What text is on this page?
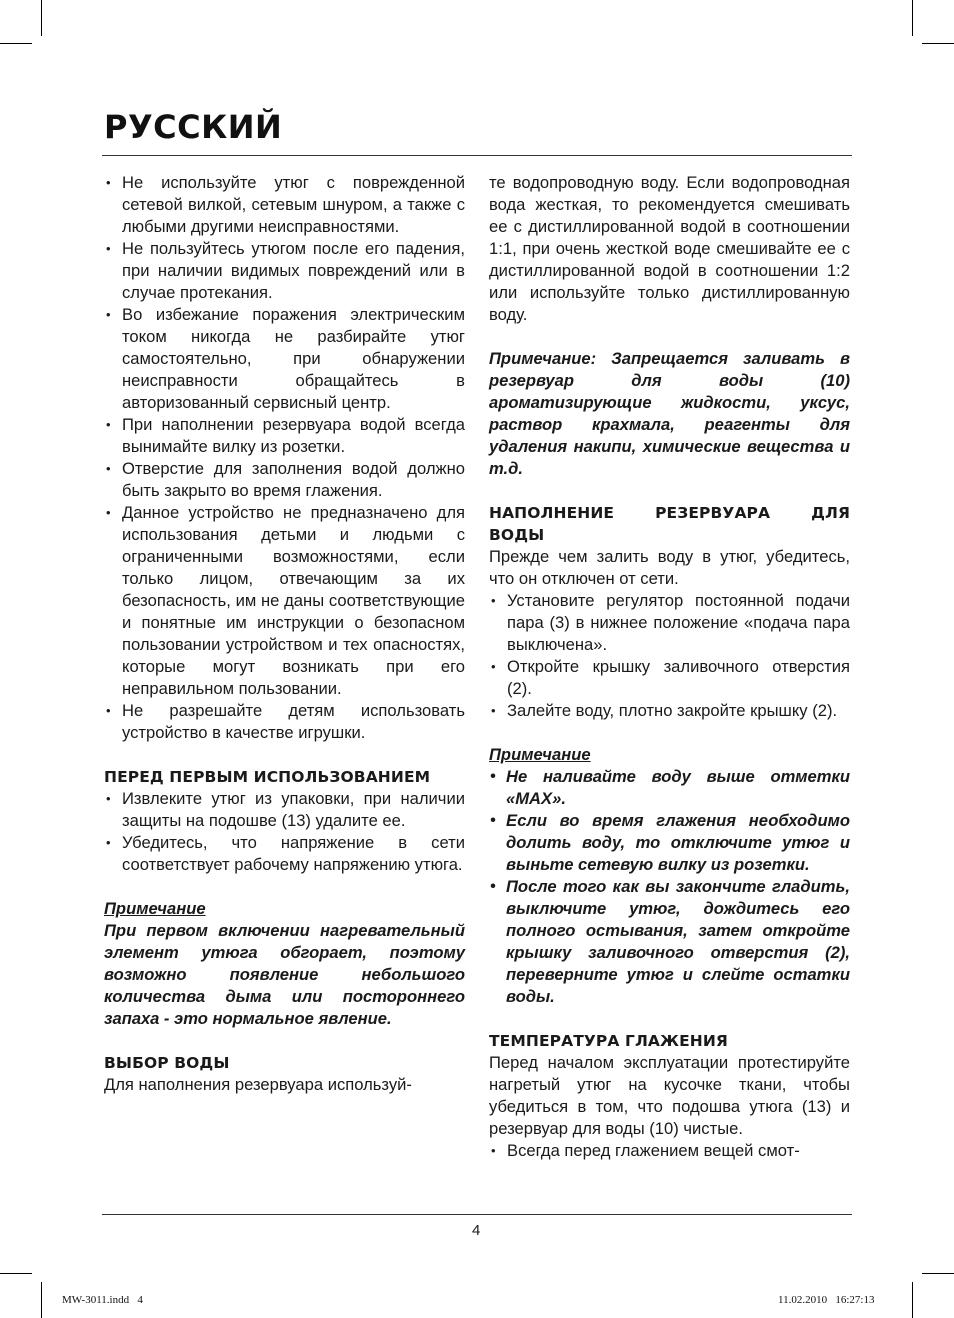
РУССКИЙ
• Не используйте утюг с поврежденной сетевой вилкой, сетевым шнуром, а также с любыми другими неисправностями.
• Не пользуйтесь утюгом после его падения, при наличии видимых повреждений или в случае протекания.
• Во избежание поражения электрическим током никогда не разбирайте утюг самостоятельно, при обнаружении неисправности обращайтесь в авторизованный сервисный центр.
• При наполнении резервуара водой всегда вынимайте вилку из розетки.
• Отверстие для заполнения водой должно быть закрыто во время глажения.
• Данное устройство не предназначено для использования детьми и людьми с ограниченными возможностями, если только лицом, отвечающим за их безопасность, им не даны соответствующие и понятные им инструкции о безопасном пользовании устройством и тех опасностях, которые могут возникать при его неправильном пользовании.
• Не разрешайте детям использовать устройство в качестве игрушки.
ПЕРЕД ПЕРВЫМ ИСПОЛЬЗОВАНИЕМ
• Извлеките утюг из упаковки, при наличии защиты на подошве (13) удалите ее.
• Убедитесь, что напряжение в сети соответствует рабочему напряжению утюга.

Примечание

При первом включении нагревательный элемент утюга обгорает, поэтому возможно появление небольшого количества дыма или постороннего запаха - это нормальное явление.

ВЫБОР ВОДЫ

Для наполнения резервуара используй-

те водопроводную воду. Если водопроводная вода жесткая, то рекомендуется смешивать ее с дистиллированной водой в соотношении 1:1, при очень жесткой воде смешивайте ее с дистиллированной водой в соотношении 1:2 или используйте только дистиллированную воду.

Примечание: Запрещается заливать в резервуар для воды (10) ароматизирующие жидкости, уксус, раствор крахмала, реагенты для удаления накипи, химические вещества и т.д.

НАПОЛНЕНИЕ РЕЗЕРВУАРА ДЛЯ
ВОДЫ

Прежде чем залить воду в утюг, убедитесь, что он отключен от сети.

• Установите регулятор постоянной подачи пара (3) в нижнее положение «подача пара выключена».
• Откройте крышку заливочного отверстия (2).
• Залейте воду, плотно закройте крышку (2).

Примечание

• Не наливайте воду выше отметки «MAX».
• Если во время глажения необходимо долить воду, то отключите утюг и выньте сетевую вилку из розетки.
• После того как вы закончите гладить, выключите утюг, дождитесь его полного остывания, затем откройте крышку заливочного отверстия (2), переверните утюг и слейте остатки воды.
ТЕМПЕРАТУРА ГЛАЖЕНИЯ

Перед началом эксплуатации протестируйте нагретый утюг на кусочке ткани, чтобы убедиться в том, что подошва утюга (13) и резервуар для воды (10) чистые.

• Всегда перед глажением вещей смот-
4
MW-3011.indd   4	11.02.2010   16:27:13
